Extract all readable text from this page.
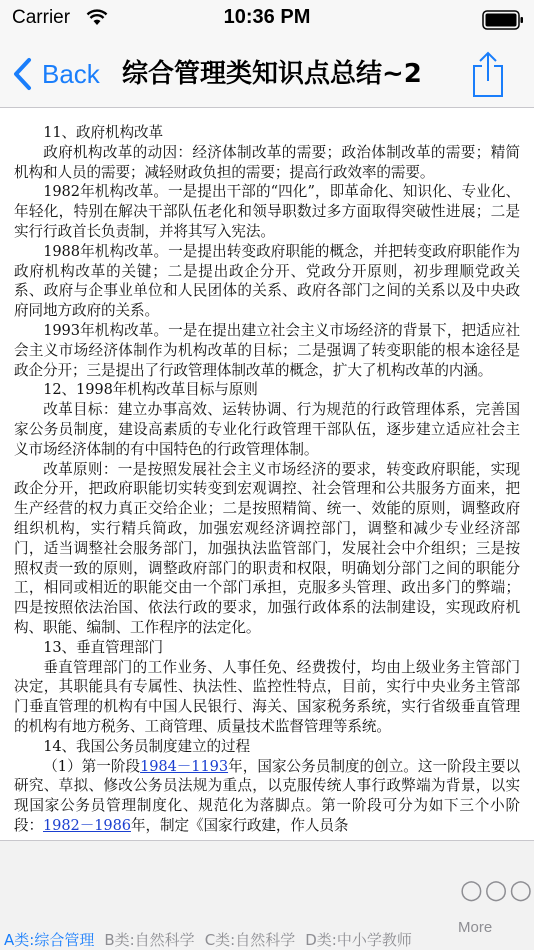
Carrier	10:36 PM
Back 综合管理类知识点总结~2

11、政府机构改革

政府机构改革的动因：经济体制改革的需要；政治体制改革的需要；精简机构和人员的需要；减轻财政负担的需要；提高行政效率的需要。

1982年机构改革。一是提出干部的“四化”，即革命化、知识化、专业化、年轻化，特别在解决干部队伍老化和领导职数过多方面取得突破性进展；二是实行行政首长负责制，并将其写入宪法。

1988年机构改革。一是提出转变政府职能的概念，并把转变政府职能作为政府机构改革的关键；二是提出政企分开、党政分开原则，初步理顺党政关系、政府与企事业单位和人民团体的关系、政府各部门之间的关系以及中央政府同地方政府的关系。

1993年机构改革。一是在提出建立社会主义市场经济的背景下，把适应社会主义市场经济体制作为机构改革的目标；二是强调了转变职能的根本途径是政企分开；三是提出了行政管理体制改革的概念，扩大了机构改革的内涵。

12、1998年机构改革目标与原则

改革目标：建立办事高效、运转协调、行为规范的行政管理体系，完善国家公务员制度，建设高素质的专业化行政管理干部队伍，逐步建立适应社会主义市场经济体制的有中国特色的行政管理体制。

改革原则：一是按照发展社会主义市场经济的要求，转变政府职能，实现政企分开，把政府职能切实转变到宏观调控、社会管理和公共服务方面来，把生产经营的权力真正交给企业；二是按照精简、统一、效能的原则，调整政府组织机构，实行精兵简政，加强宏观经济调控部门，调整和减少专业经济部门，适当调整社会服务部门，加强执法监管部门，发展社会中介组织；三是按照权责一致的原则，调整政府部门的职责和权限，明确划分部门之间的职能分工，相同或相近的职能交由一个部门承担，克服多头管理、政出多门的弊端；四是按照依法治国、依法行政的要求，加强行政体系的法制建设，实现政府机构、职能、编制、工作程序的法定化。

13、垂直管理部门

垂直管理部门的工作业务、人事任免、经费拨付，均由上级业务主管部门决定，其职能具有专属性、执法性、监控性特点，目前，实行中央业务主管部门垂直管理的机构有中国人民银行、海关、国家税务系统，实行省级垂直管理的机构有地方税务、工商管理、质量技术监督管理等系统。

14、我国公务员制度建立的过程

（1）第一阶段1984－1193年，国家公务员制度的创立。这一阶段主要以研究、草拟、修改公务员法规为重点，以克服传统人事行政弊端为背景，以实现国家公务员管理制度化、规范化为落脚点。第一阶段可分为如下三个小阶段：1982－1986年，制定《国家行政建，作人员条

○○○
More
A类:综合管理 B类:自然科学 C类:自然科学 D类:中小学教师
